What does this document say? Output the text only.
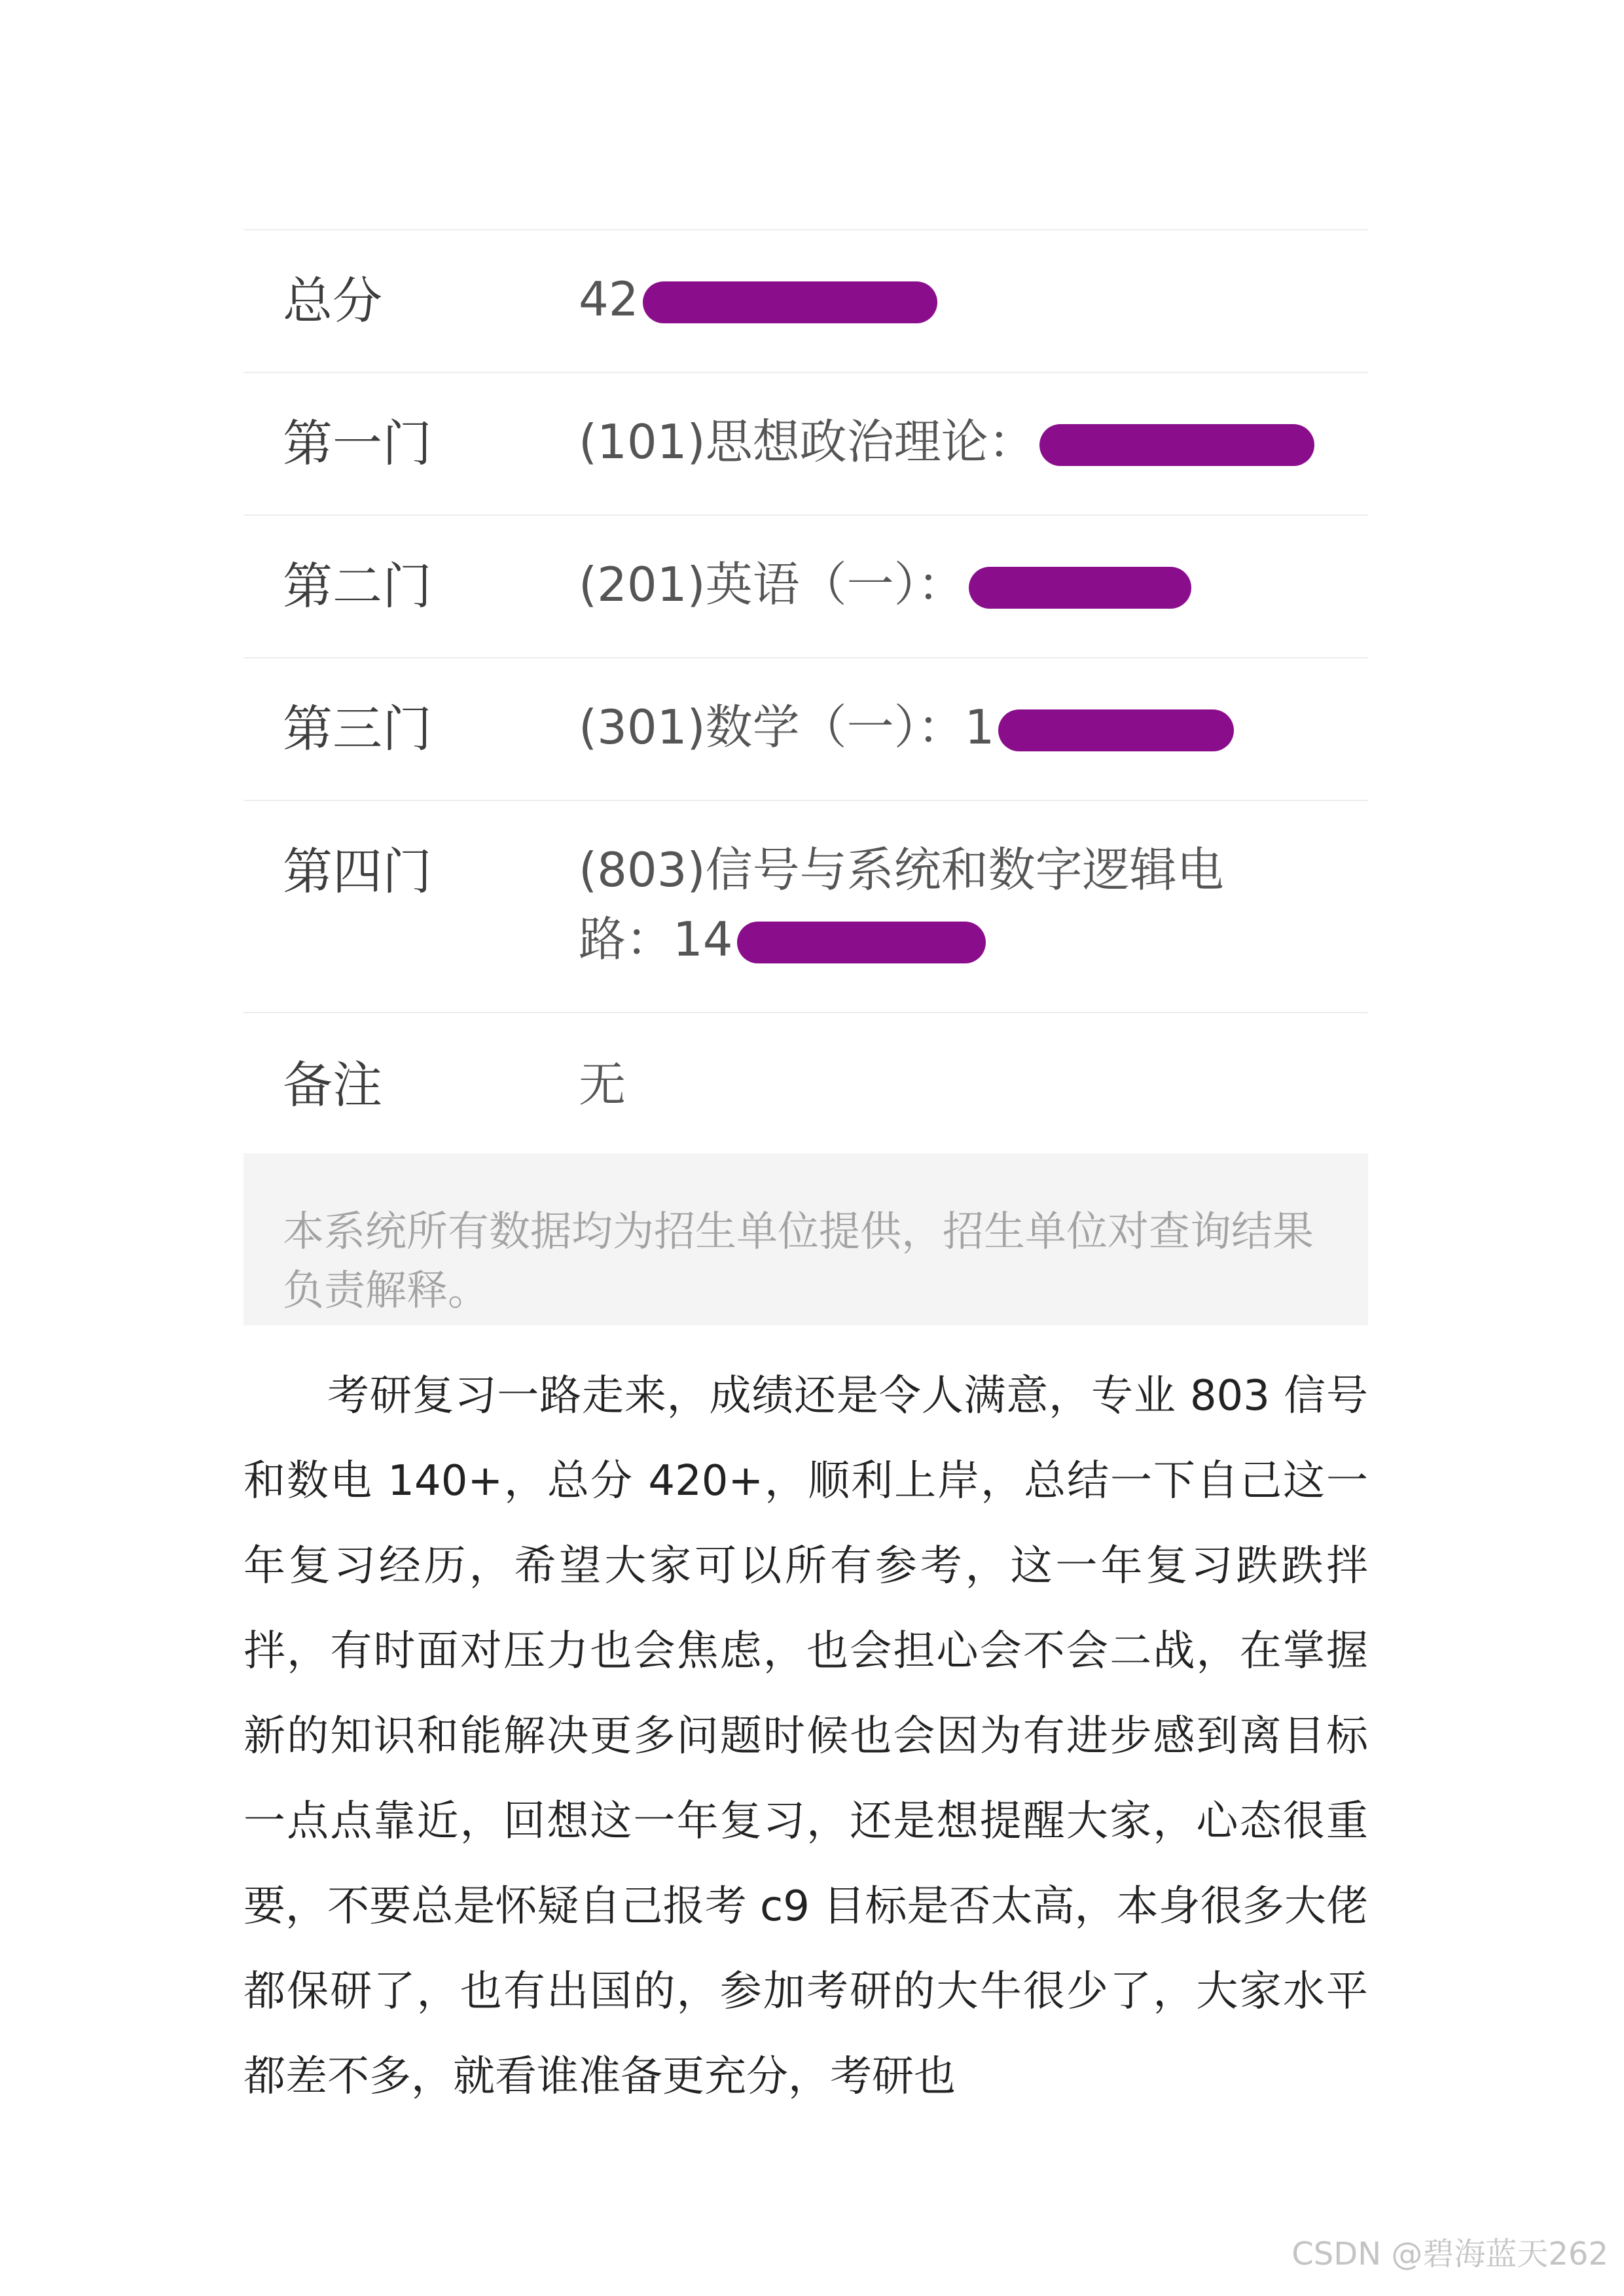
总分	42
第一门	(101)思想政治理论：
第二门	(201)英语（一）：
第三门	(301)数学（一）：1
第四门	(803)信号与系统和数字逻辑电
路：14
备注	无
本系统所有数据均为招生单位提供，招生单位对查询结果负责解释。

考研复习一路走来，成绩还是令人满意，专业 803 信号和数电 140+，总分 420+，顺利上岸，总结一下自己这一年复习经历，希望大家可以所有参考，这一年复习跌跌拌拌，有时面对压力也会焦虑，也会担心会不会二战，在掌握新的知识和能解决更多问题时候也会因为有进步感到离目标一点点靠近，回想这一年复习，还是想提醒大家，心态很重要，不要总是怀疑自己报考 c9 目标是否太高，本身很多大佬都保研了，也有出国的，参加考研的大牛很少了，大家水平都差不多，就看谁准备更充分，考研也

CSDN @碧海蓝天262
